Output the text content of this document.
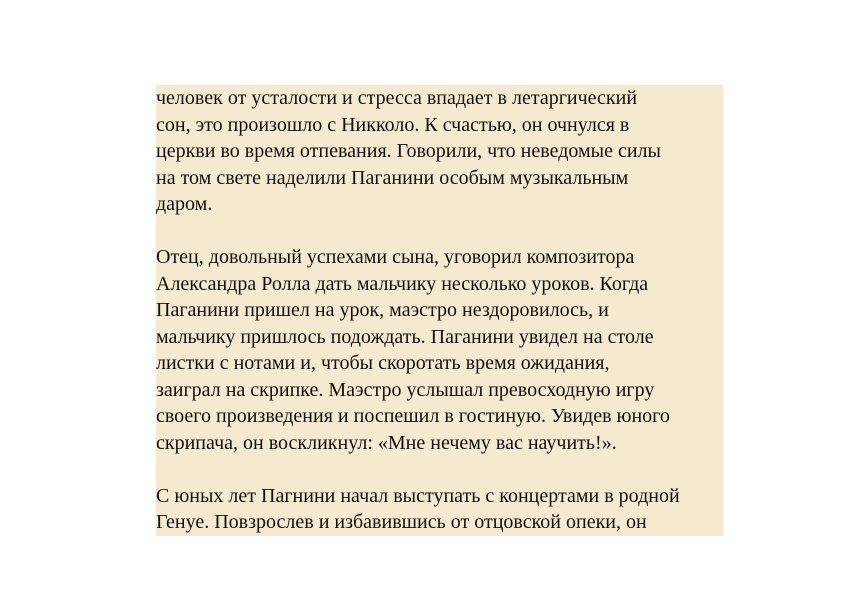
человек от усталости и стресса впадает в летаргический
сон, это произошло с Никколо. К счастью, он очнулся в
церкви во время отпевания. Говорили, что неведомые силы
на том свете наделили Паганини особым музыкальным
даром.
Отец, довольный успехами сына, уговорил композитора
Александра Ролла дать мальчику несколько уроков. Когда
Паганини пришел на урок, маэстро нездоровилось, и
мальчику пришлось подождать. Паганини увидел на столе
листки с нотами и, чтобы скоротать время ожидания,
заиграл на скрипке. Маэстро услышал превосходную игру
своего произведения и поспешил в гостиную. Увидев юного
скрипача, он воскликнул: «Мне нечему вас научить!».
С юных лет Пагнини начал выступать с концертами в родной
Генуе. Повзрослев и избавившись от отцовской опеки, он
